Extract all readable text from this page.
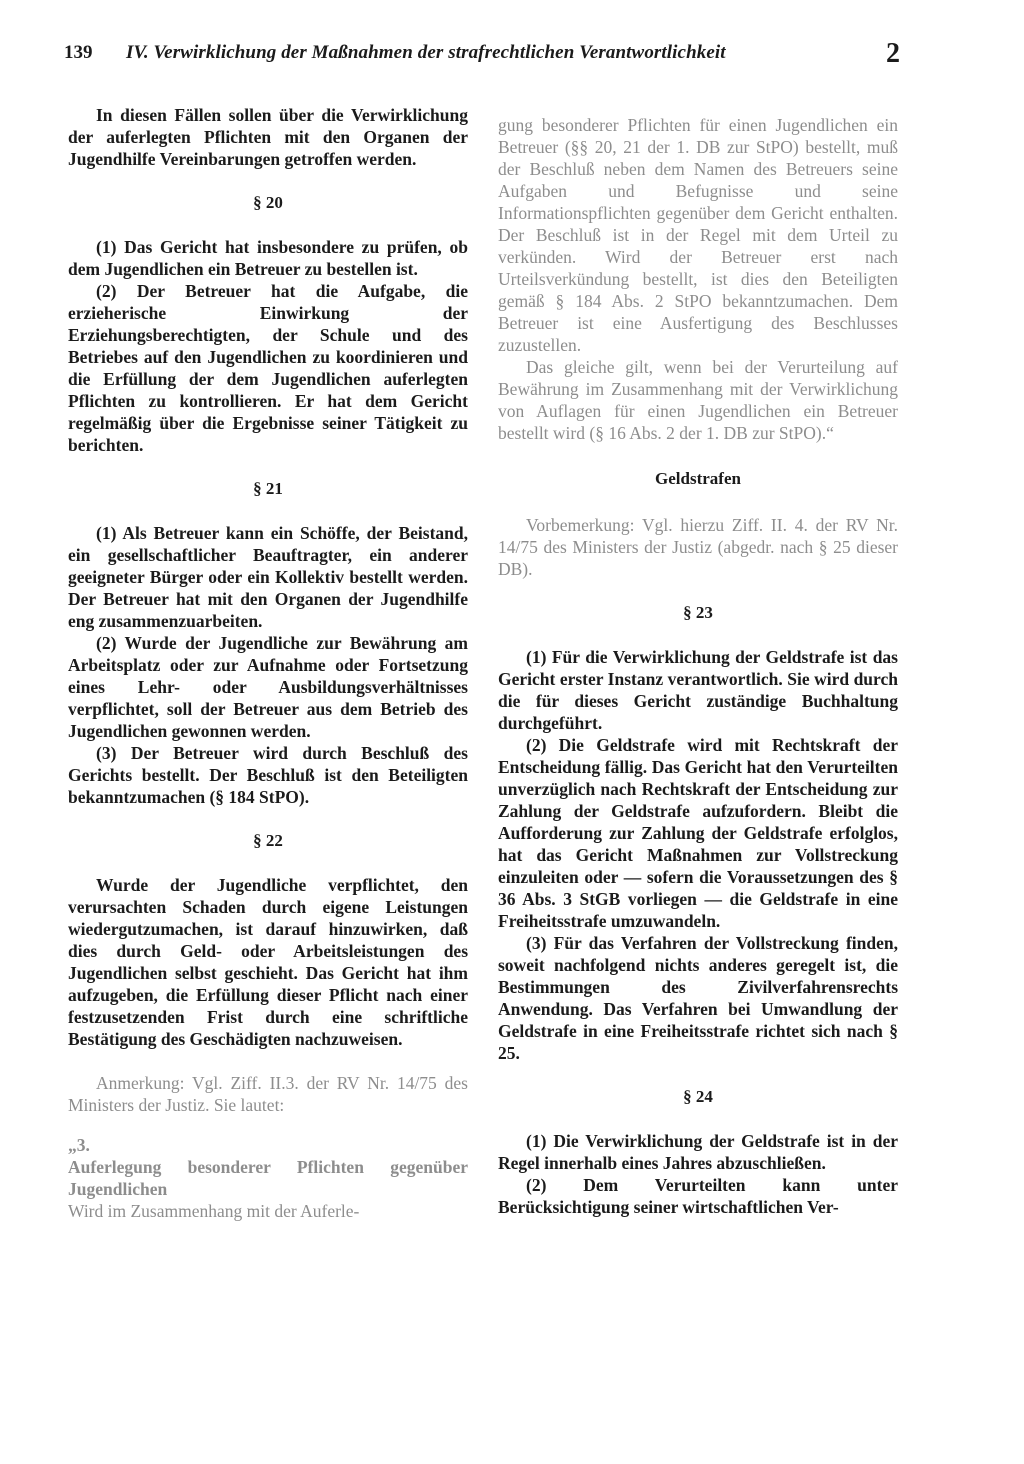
139	IV. Verwirklichung der Maßnahmen der strafrechtlichen Verantwortlichkeit	2

In diesen Fällen sollen über die Verwirklichung der auferlegten Pflichten mit den Organen der Jugendhilfe Vereinbarungen getroffen werden.

§ 20

(1) Das Gericht hat insbesondere zu prüfen, ob dem Jugendlichen ein Betreuer zu bestellen ist.

(2) Der Betreuer hat die Aufgabe, die erzieherische Einwirkung der Erziehungsberechtigten, der Schule und des Betriebes auf den Jugendlichen zu koordinieren und die Erfüllung der dem Jugendlichen auferlegten Pflichten zu kontrollieren. Er hat dem Gericht regelmäßig über die Ergebnisse seiner Tätigkeit zu berichten.

§ 21

(1) Als Betreuer kann ein Schöffe, der Beistand, ein gesellschaftlicher Beauftragter, ein anderer geeigneter Bürger oder ein Kollektiv bestellt werden. Der Betreuer hat mit den Organen der Jugendhilfe eng zusammenzuarbeiten.

(2) Wurde der Jugendliche zur Bewährung am Arbeitsplatz oder zur Aufnahme oder Fortsetzung eines Lehr- oder Ausbildungsverhältnisses verpflichtet, soll der Betreuer aus dem Betrieb des Jugendlichen gewonnen werden.

(3) Der Betreuer wird durch Beschluß des Gerichts bestellt. Der Beschluß ist den Beteiligten bekanntzumachen (§ 184 StPO).

§ 22

Wurde der Jugendliche verpflichtet, den verursachten Schaden durch eigene Leistungen wiedergutzumachen, ist darauf hinzuwirken, daß dies durch Geld- oder Arbeitsleistungen des Jugendlichen selbst geschieht. Das Gericht hat ihm aufzugeben, die Erfüllung dieser Pflicht nach einer festzusetzenden Frist durch eine schriftliche Bestätigung des Geschädigten nachzuweisen.

Anmerkung: Vgl. Ziff. II.3. der RV Nr. 14/75 des Ministers der Justiz. Sie lautet:

„3.

Auferlegung besonderer Pflichten gegenüber Jugendlichen

Wird im Zusammenhang mit der Auferle-

gung besonderer Pflichten für einen Jugendlichen ein Betreuer (§§ 20, 21 der 1. DB zur StPO) bestellt, muß der Beschluß neben dem Namen des Betreuers seine Aufgaben und Befugnisse und seine Informationspflichten gegenüber dem Gericht enthalten. Der Beschluß ist in der Regel mit dem Urteil zu verkünden. Wird der Betreuer erst nach Urteilsverkündung bestellt, ist dies den Beteiligten gemäß § 184 Abs. 2 StPO bekanntzumachen. Dem Betreuer ist eine Ausfertigung des Beschlusses zuzustellen.

Das gleiche gilt, wenn bei der Verurteilung auf Bewährung im Zusammenhang mit der Verwirklichung von Auflagen für einen Jugendlichen ein Betreuer bestellt wird (§ 16 Abs. 2 der 1. DB zur StPO).“

Geldstrafen

Vorbemerkung: Vgl. hierzu Ziff. II. 4. der RV Nr. 14/75 des Ministers der Justiz (abgedr. nach § 25 dieser DB).

§ 23

(1) Für die Verwirklichung der Geldstrafe ist das Gericht erster Instanz verantwortlich. Sie wird durch die für dieses Gericht zuständige Buchhaltung durchgeführt.

(2) Die Geldstrafe wird mit Rechtskraft der Entscheidung fällig. Das Gericht hat den Verurteilten unverzüglich nach Rechtskraft der Entscheidung zur Zahlung der Geldstrafe aufzufordern. Bleibt die Aufforderung zur Zahlung der Geldstrafe erfolglos, hat das Gericht Maßnahmen zur Vollstreckung einzuleiten oder — sofern die Voraussetzungen des § 36 Abs. 3 StGB vorliegen — die Geldstrafe in eine Freiheitsstrafe umzuwandeln.

(3) Für das Verfahren der Vollstreckung finden, soweit nachfolgend nichts anderes geregelt ist, die Bestimmungen des Zivilverfahrensrechts Anwendung. Das Verfahren bei Umwandlung der Geldstrafe in eine Freiheitsstrafe richtet sich nach § 25.

§ 24

(1) Die Verwirklichung der Geldstrafe ist in der Regel innerhalb eines Jahres abzuschließen.

(2) Dem Verurteilten kann unter Berücksichtigung seiner wirtschaftlichen Ver-
